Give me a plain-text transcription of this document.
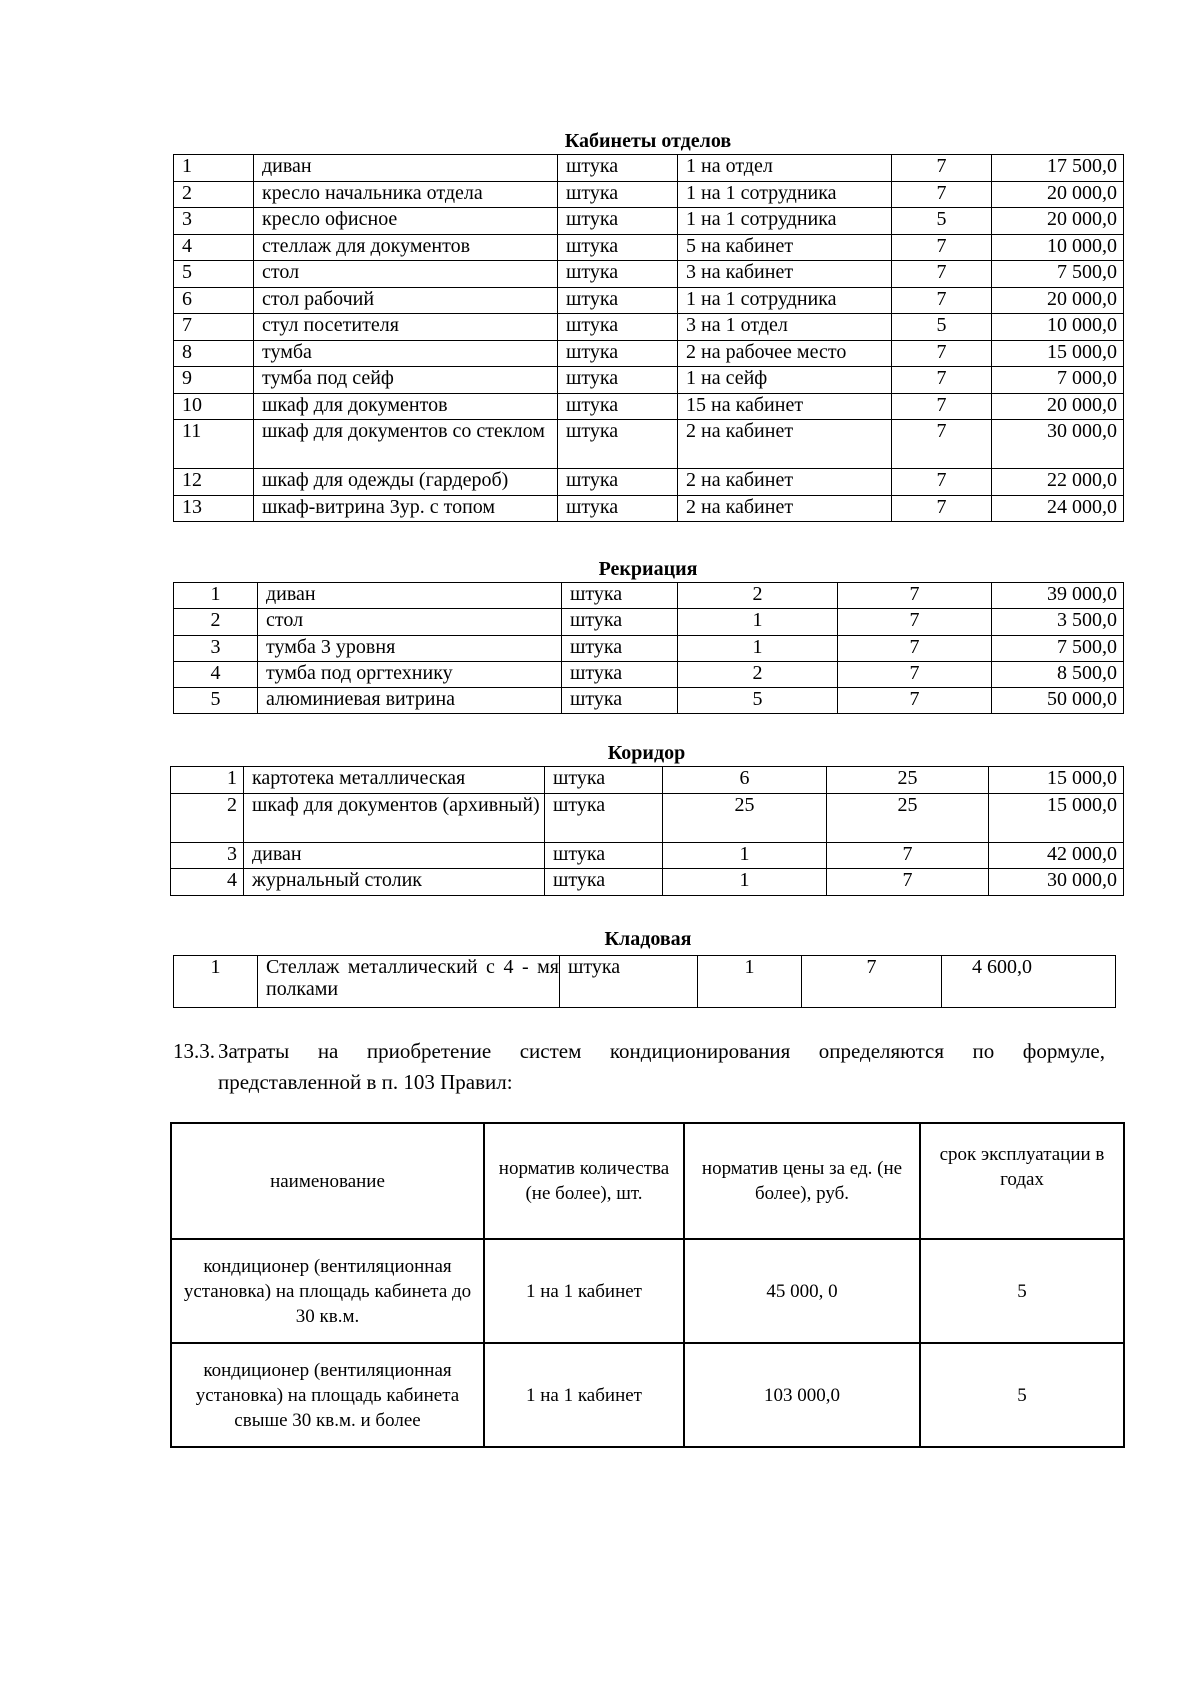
Кабинеты отделов
1	диван	штука	1 на отдел	7	17 500,0
2	кресло начальника отдела	штука	1 на 1 сотрудника	7	20 000,0
3	кресло офисное	штука	1 на 1 сотрудника	5	20 000,0
4	стеллаж для документов	штука	5 на кабинет	7	10 000,0
5	стол	штука	3 на кабинет	7	7 500,0
6	стол рабочий	штука	1 на 1 сотрудника	7	20 000,0
7	стул посетителя	штука	3 на 1 отдел	5	10 000,0
8	тумба	штука	2 на рабочее место	7	15 000,0
9	тумба под сейф	штука	1 на сейф	7	7 000,0
10	шкаф для документов	штука	15 на кабинет	7	20 000,0
11	шкаф для документов со стеклом	штука	2 на кабинет	7	30 000,0
12	шкаф для одежды (гардероб)	штука	2 на кабинет	7	22 000,0
13	шкаф-витрина 3ур. с топом	штука	2 на кабинет	7	24 000,0
Рекриация
1	диван	штука	2	7	39 000,0
2	стол	штука	1	7	3 500,0
3	тумба 3 уровня	штука	1	7	7 500,0
4	тумба под оргтехнику	штука	2	7	8 500,0
5	алюминиевая витрина	штука	5	7	50 000,0
Коридор
1	картотека металлическая	штука	6	25	15 000,0
2	шкаф для документов (архивный)	штука	25	25	15 000,0
3	диван	штука	1	7	42 000,0
4	журнальный столик	штука	1	7	30 000,0
Кладовая
1	Стеллаж металлический с 4 - мя полками	штука	1	7	4 600,0
13.3. Затраты на приобретение систем кондиционирования определяются по формуле,
представленной в п. 103 Правил:
наименование	норматив количества (не более), шт.	норматив цены за ед. (не более), руб.	срок эксплуатации в годах
кондиционер (вентиляционная установка) на площадь кабинета до 30 кв.м.	1 на 1 кабинет	45 000, 0	5
кондиционер (вентиляционная установка) на площадь кабинета свыше 30 кв.м. и более	1 на 1 кабинет	103 000,0	5
